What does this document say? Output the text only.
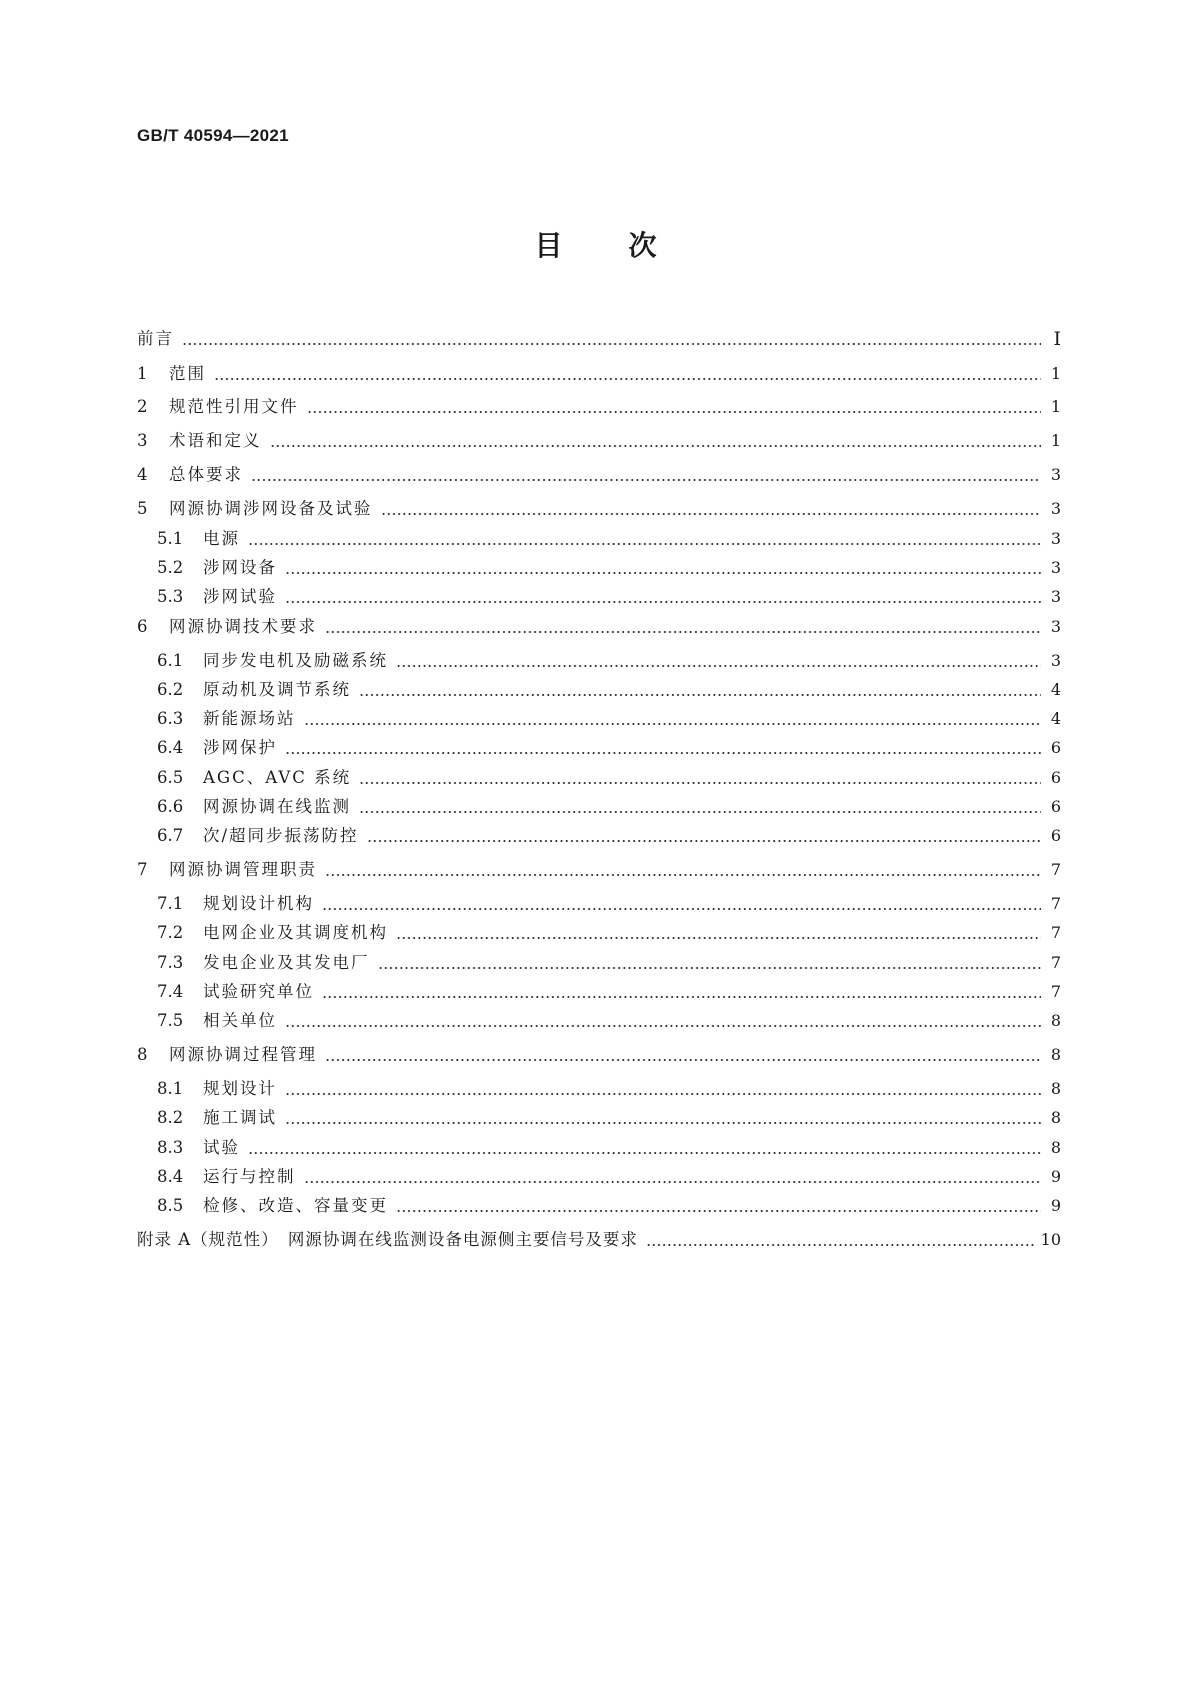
GB/T 40594—2021
目 次
前言	Ⅰ
1	范围	1
2	规范性引用文件	1
3	术语和定义	1
4	总体要求	3
5	网源协调涉网设备及试验	3
5.1	电源	3
5.2	涉网设备	3
5.3	涉网试验	3
6	网源协调技术要求	3
6.1	同步发电机及励磁系统	3
6.2	原动机及调节系统	4
6.3	新能源场站	4
6.4	涉网保护	6
6.5	AGC、AVC 系统	6
6.6	网源协调在线监测	6
6.7	次/超同步振荡防控	6
7	网源协调管理职责	7
7.1	规划设计机构	7
7.2	电网企业及其调度机构	7
7.3	发电企业及其发电厂	7
7.4	试验研究单位	7
7.5	相关单位	8
8	网源协调过程管理	8
8.1	规划设计	8
8.2	施工调试	8
8.3	试验	8
8.4	运行与控制	9
8.5	检修、改造、容量变更	9
附录 A（规范性）　网源协调在线监测设备电源侧主要信号及要求	10
